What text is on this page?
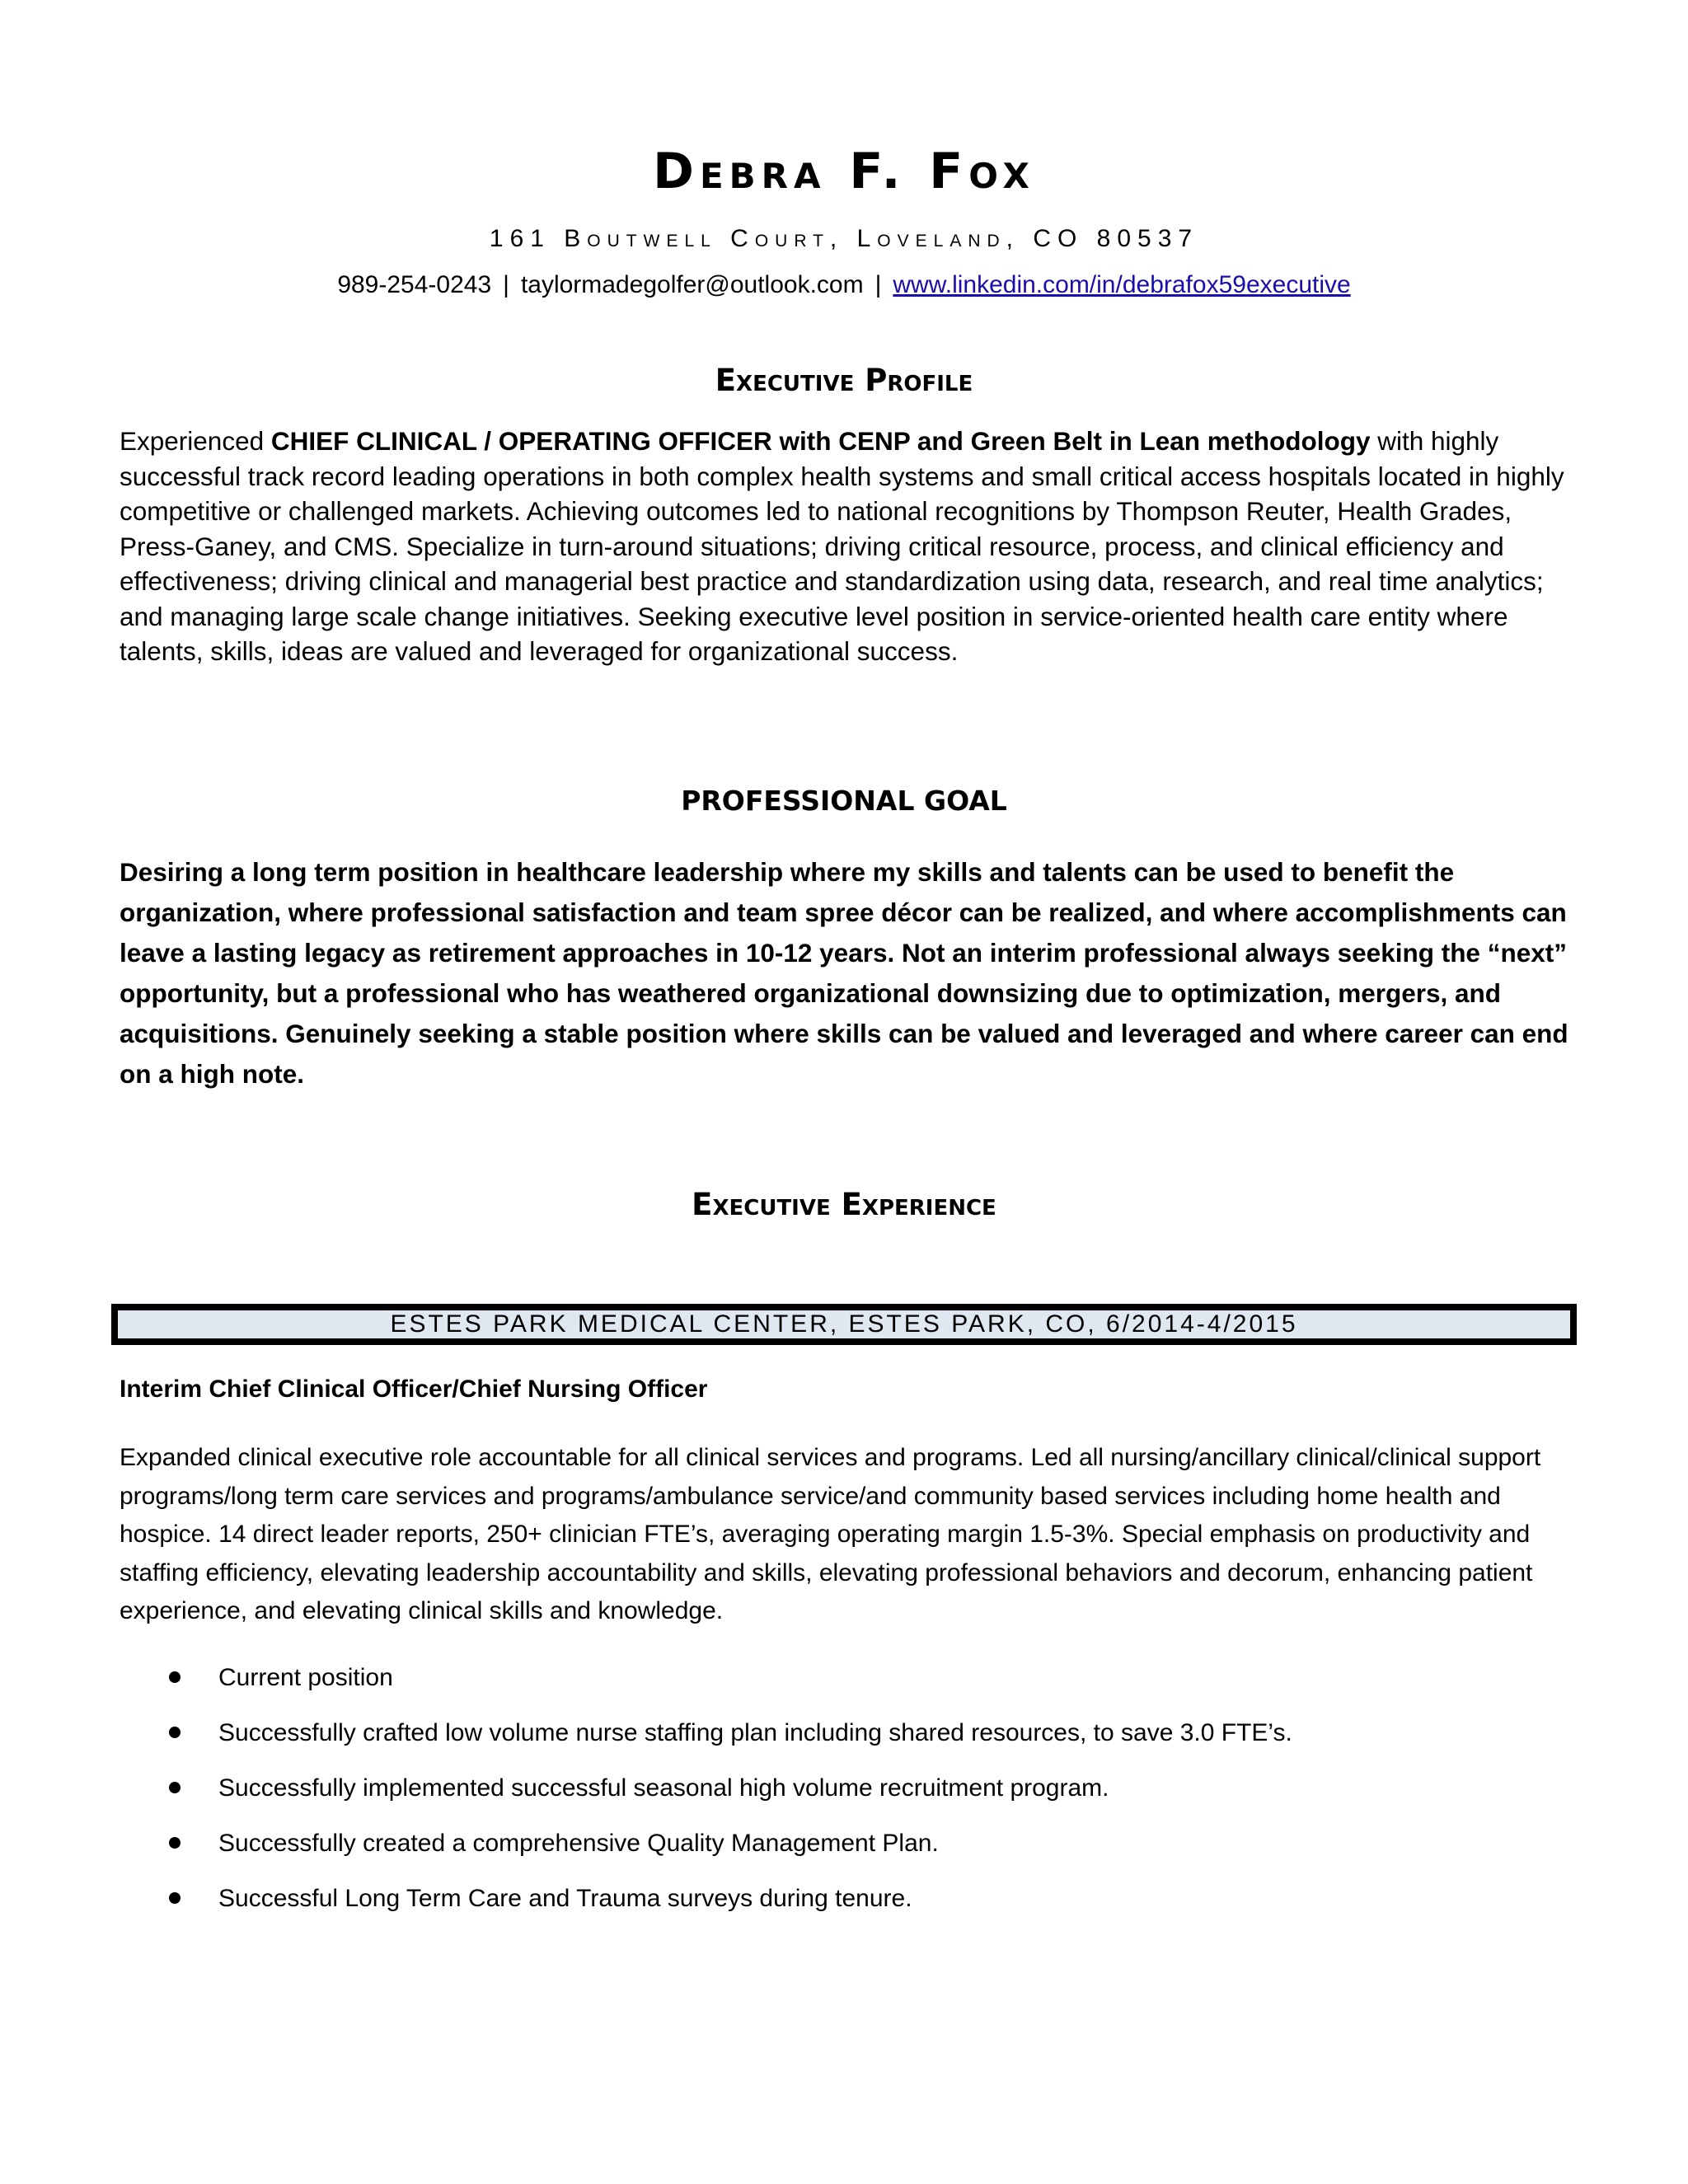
Debra F. Fox
161 Boutwell Court, Loveland, CO 80537
989-254-0243 | taylormadegolfer@outlook.com | www.linkedin.com/in/debrafox59executive
Executive Profile
Experienced CHIEF CLINICAL / OPERATING OFFICER with CENP and Green Belt in Lean methodology with highly successful track record leading operations in both complex health systems and small critical access hospitals located in highly competitive or challenged markets. Achieving outcomes led to national recognitions by Thompson Reuter, Health Grades, Press-Ganey, and CMS. Specialize in turn-around situations; driving critical resource, process, and clinical efficiency and effectiveness; driving clinical and managerial best practice and standardization using data, research, and real time analytics; and managing large scale change initiatives. Seeking executive level position in service-oriented health care entity where talents, skills, ideas are valued and leveraged for organizational success.
PROFESSIONAL GOAL
Desiring a long term position in healthcare leadership where my skills and talents can be used to benefit the organization, where professional satisfaction and team spree décor can be realized, and where accomplishments can leave a lasting legacy as retirement approaches in 10-12 years. Not an interim professional always seeking the “next” opportunity, but a professional who has weathered organizational downsizing due to optimization, mergers, and acquisitions. Genuinely seeking a stable position where skills can be valued and leveraged and where career can end on a high note.
Executive Experience
ESTES PARK MEDICAL CENTER, ESTES PARK, CO, 6/2014-4/2015
Interim Chief Clinical Officer/Chief Nursing Officer
Expanded clinical executive role accountable for all clinical services and programs. Led all nursing/ancillary clinical/clinical support programs/long term care services and programs/ambulance service/and community based services including home health and hospice. 14 direct leader reports, 250+ clinician FTE’s, averaging operating margin 1.5-3%. Special emphasis on productivity and staffing efficiency, elevating leadership accountability and skills, elevating professional behaviors and decorum, enhancing patient experience, and elevating clinical skills and knowledge.
Current position
Successfully crafted low volume nurse staffing plan including shared resources, to save 3.0 FTE’s.
Successfully implemented successful seasonal high volume recruitment program.
Successfully created a comprehensive Quality Management Plan.
Successful Long Term Care and Trauma surveys during tenure.
